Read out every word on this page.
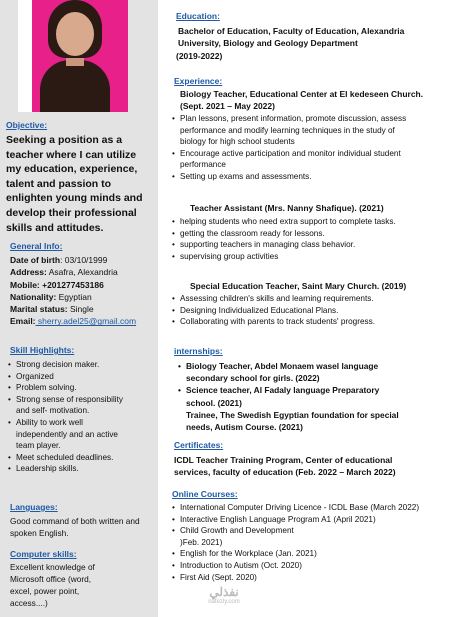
Objective:
Seeking a position as a
teacher where I can utilize
my education, experience,
talent and passion to
enlighten young minds and
develop their professional
skills and attitudes.
General Info:
Date of birth: 03/10/1999
Address: Asafra, Alexandria
Mobile: +201277453186
Nationality: Egyptian
Marital status: Single
Email: sherry.adel25@gmail.com
Skill Highlights:
• Strong decision maker.
• Organized
• Problem solving.
• Strong sense of responsibility
and self- motivation.
• Ability to work well
independently and an active
team player.
• Meet scheduled deadlines.
• Leadership skills.
Languages:
Good command of both written and
spoken English.
Computer skills:
Excellent knowledge of
Microsoft office (word,
excel, power point,
access....)
Education:
Bachelor of Education, Faculty of Education, Alexandria
University, Biology and Geology Department
(2019-2022)
Experience:
Biology Teacher, Educational Center at El kedeseen Church.
(Sept. 2021 – May 2022)
• Plan lessons, present information, promote discussion, assess
performance and modify learning techniques in the study of
biology for high school students
• Encourage active participation and monitor individual student
performance
• Setting up exams and assessments.
Teacher Assistant (Mrs. Nanny Shafique). (2021)
• helping students who need extra support to complete tasks.
• getting the classroom ready for lessons.
• supporting teachers in managing class behavior.
• supervising group activities
Special Education Teacher, Saint Mary Church. (2019)
• Assessing children's skills and learning requirements.
• Designing Individualized Educational Plans.
• Collaborating with parents to track students' progress.
internships:
• Biology Teacher, Abdel Monaem wasel language
secondary school for girls. (2022)
• Science teacher, Al Fadaly language Preparatory
school. (2021)
Trainee, The Swedish Egyptian foundation for special
needs, Autism Course. (2021)
Certificates:
ICDL Teacher Training Program, Center of educational
services, faculty of education (Feb. 2022 – March 2022)
Online Courses:
• International Computer Driving Licence - ICDL Base (March 2022)
• Interactive English Language Program A1 (April 2021)
• Child Growth and Development
)Feb. 2021)
• English for the Workplace (Jan. 2021)
• Introduction to Autism (Oct. 2020)
• First Aid (Sept. 2020)
نفذلي
nafezly.com
